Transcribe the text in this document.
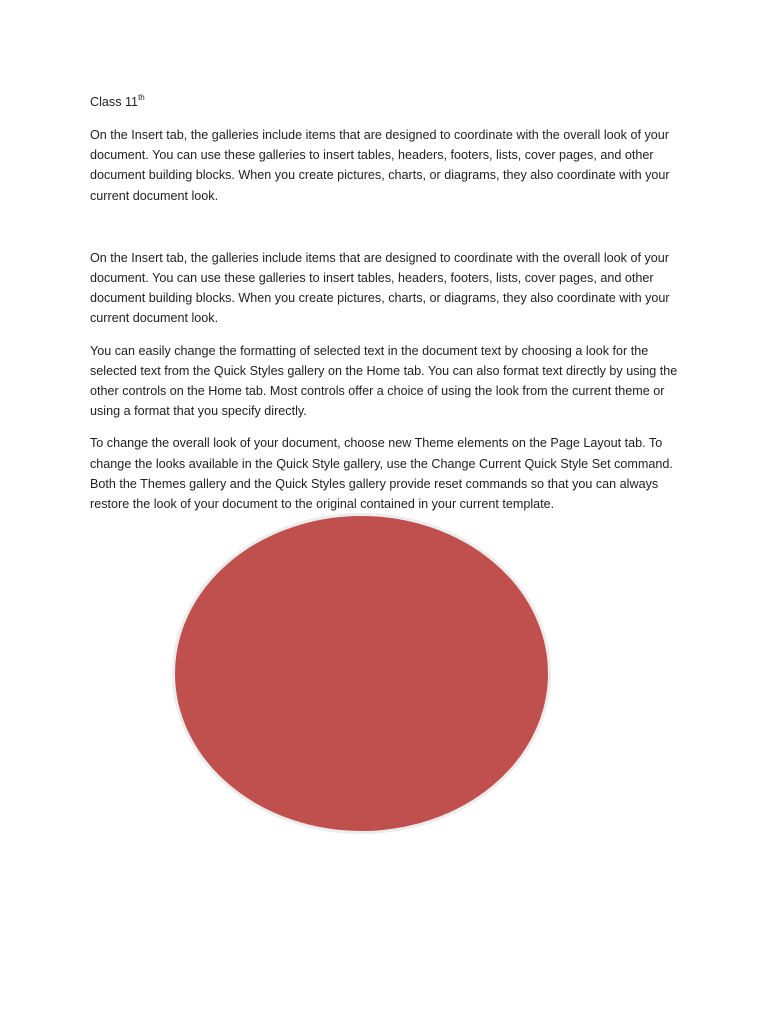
Class 11th

On the Insert tab, the galleries include items that are designed to coordinate with the overall look of your document. You can use these galleries to insert tables, headers, footers, lists, cover pages, and other document building blocks. When you create pictures, charts, or diagrams, they also coordinate with your current document look.

On the Insert tab, the galleries include items that are designed to coordinate with the overall look of your document. You can use these galleries to insert tables, headers, footers, lists, cover pages, and other document building blocks. When you create pictures, charts, or diagrams, they also coordinate with your current document look.

You can easily change the formatting of selected text in the document text by choosing a look for the selected text from the Quick Styles gallery on the Home tab. You can also format text directly by using the other controls on the Home tab. Most controls offer a choice of using the look from the current theme or using a format that you specify directly.

To change the overall look of your document, choose new Theme elements on the Page Layout tab. To change the looks available in the Quick Style gallery, use the Change Current Quick Style Set command. Both the Themes gallery and the Quick Styles gallery provide reset commands so that you can always restore the look of your document to the original contained in your current template.
